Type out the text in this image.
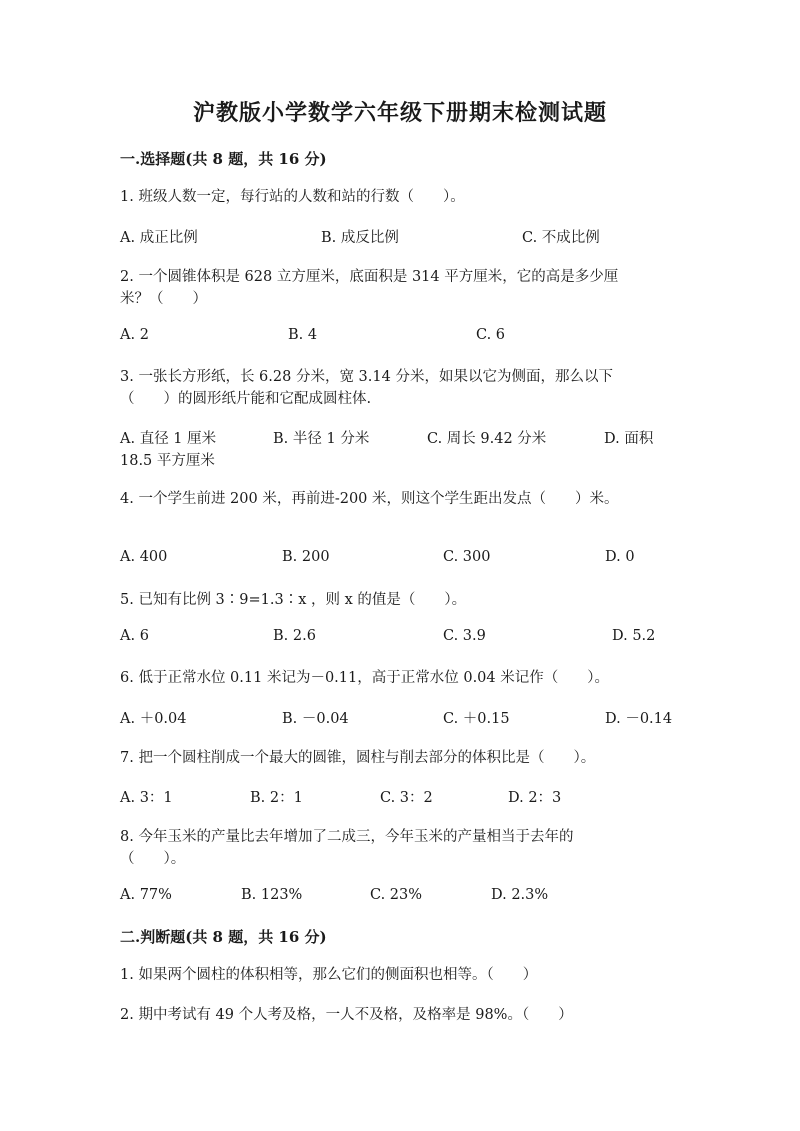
沪教版小学数学六年级下册期末检测试题
一.选择题(共 8 题，共 16 分)
1. 班级人数一定，每行站的人数和站的行数（　　）。
A. 成正比例	B. 成反比例	C. 不成比例
2. 一个圆锥体积是 628 立方厘米，底面积是 314 平方厘米，它的高是多少厘
米？（　　）
A. 2	B. 4	C. 6
3. 一张长方形纸，长 6.28 分米，宽 3.14 分米，如果以它为侧面，那么以下
（　　）的圆形纸片能和它配成圆柱体.
A. 直径 1 厘米	B. 半径 1 分米	C. 周长 9.42 分米	D. 面积
18.5 平方厘米
4. 一个学生前进 200 米，再前进-200 米，则这个学生距出发点（　　）米。
A. 400	B. 200	C. 300	D. 0
5. 已知有比例 3∶9=1.3∶x ，则 x 的值是（　　）。
A. 6	B. 2.6	C. 3.9	D. 5.2
6. 低于正常水位 0.11 米记为－0.11，高于正常水位 0.04 米记作（　　）。
A. ＋0.04	B. －0.04	C. ＋0.15	D. －0.14
7. 把一个圆柱削成一个最大的圆锥，圆柱与削去部分的体积比是（　　）。
A. 3：1	B. 2：1	C. 3：2	D. 2：3
8. 今年玉米的产量比去年增加了二成三，今年玉米的产量相当于去年的
（　　）。
A. 77%	B. 123%	C. 23%	D. 2.3%
二.判断题(共 8 题，共 16 分)
1. 如果两个圆柱的体积相等，那么它们的侧面积也相等。（　　）
2. 期中考试有 49 个人考及格，一人不及格，及格率是 98%。（　　）
